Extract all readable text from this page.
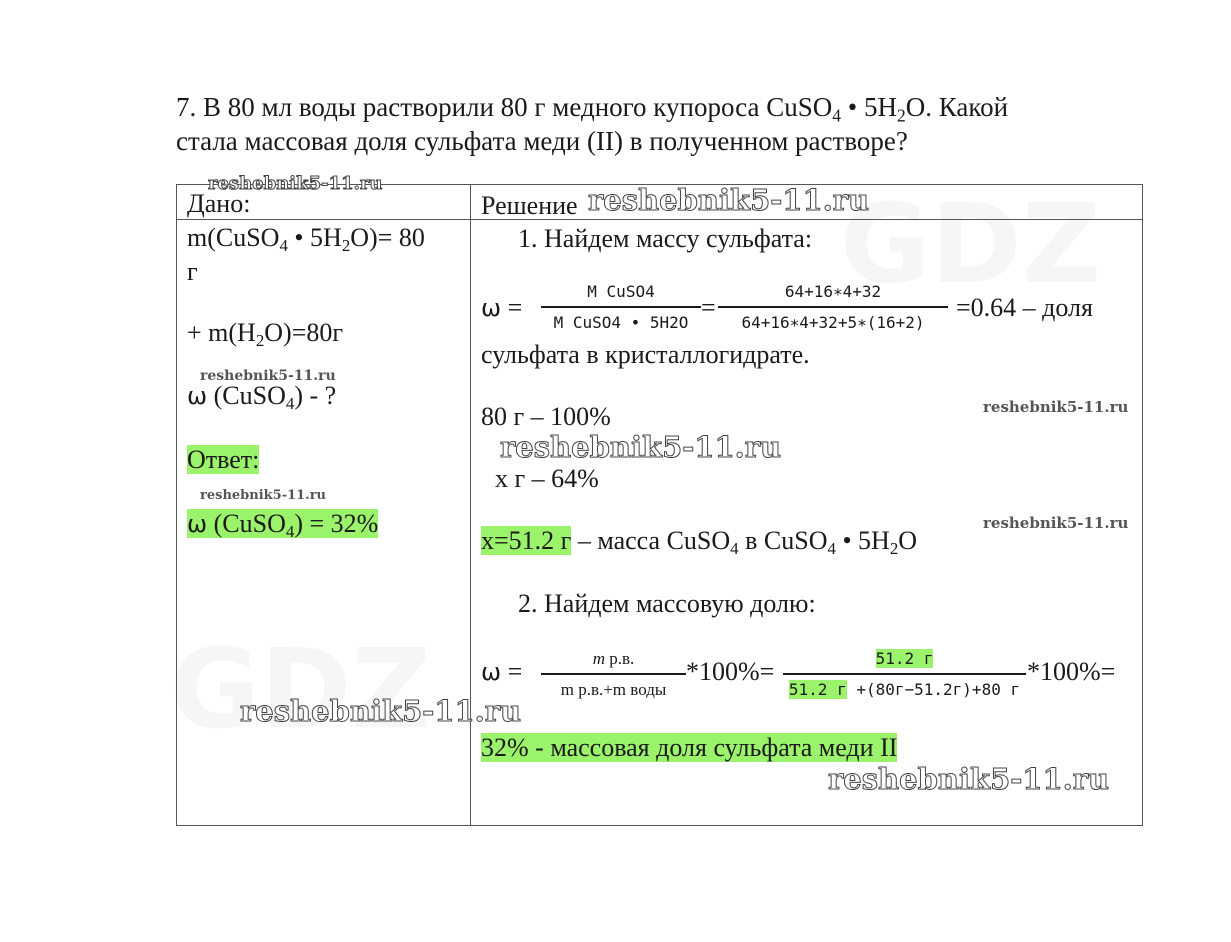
7. В 80 мл воды растворили 80 г медного купороса CuSO$_4$ • $5H_2O$. Какой
стала массовая доля сульфата меди (II) в полученном растворе?
Дано:
m(CuSO$_4$ • $5H_2O)= 80$
г
+ $m(H_2O)=80г$
ω (CuSO$_4$) - ?
Ответ:
ω (CuSO$_4$) = 32%
Решение
1. Найдем массу сульфата:
ω =
M CuSO4
M CuSO4 • 5H2O
=
64+16∗4+32
64+16∗4+32+5∗(16+2)
=0.64 – доля
сульфата в кристаллогидрате.
80 г – 100%
х г – 64%
х=51.2 г – масса CuSO$_4$ в CuSO$_4$ • $5H_2O$
2. Найдем массовую долю:
ω =	m р.в.
m р.в.+m воды
*100%=	51.2 г
51.2 г +(80г−51.2г)+80 г
*100%=
32% - массовая доля сульфата меди II
reshebnik5-11.ru	reshebnik5-11.ru
reshebnik5-11.ru
reshebnik5-11.ru
reshebnik5-11.ru
reshebnik5-11.ru
reshebnik5-11.ru
reshebnik5-11.ru
reshebnik5-11.ru
